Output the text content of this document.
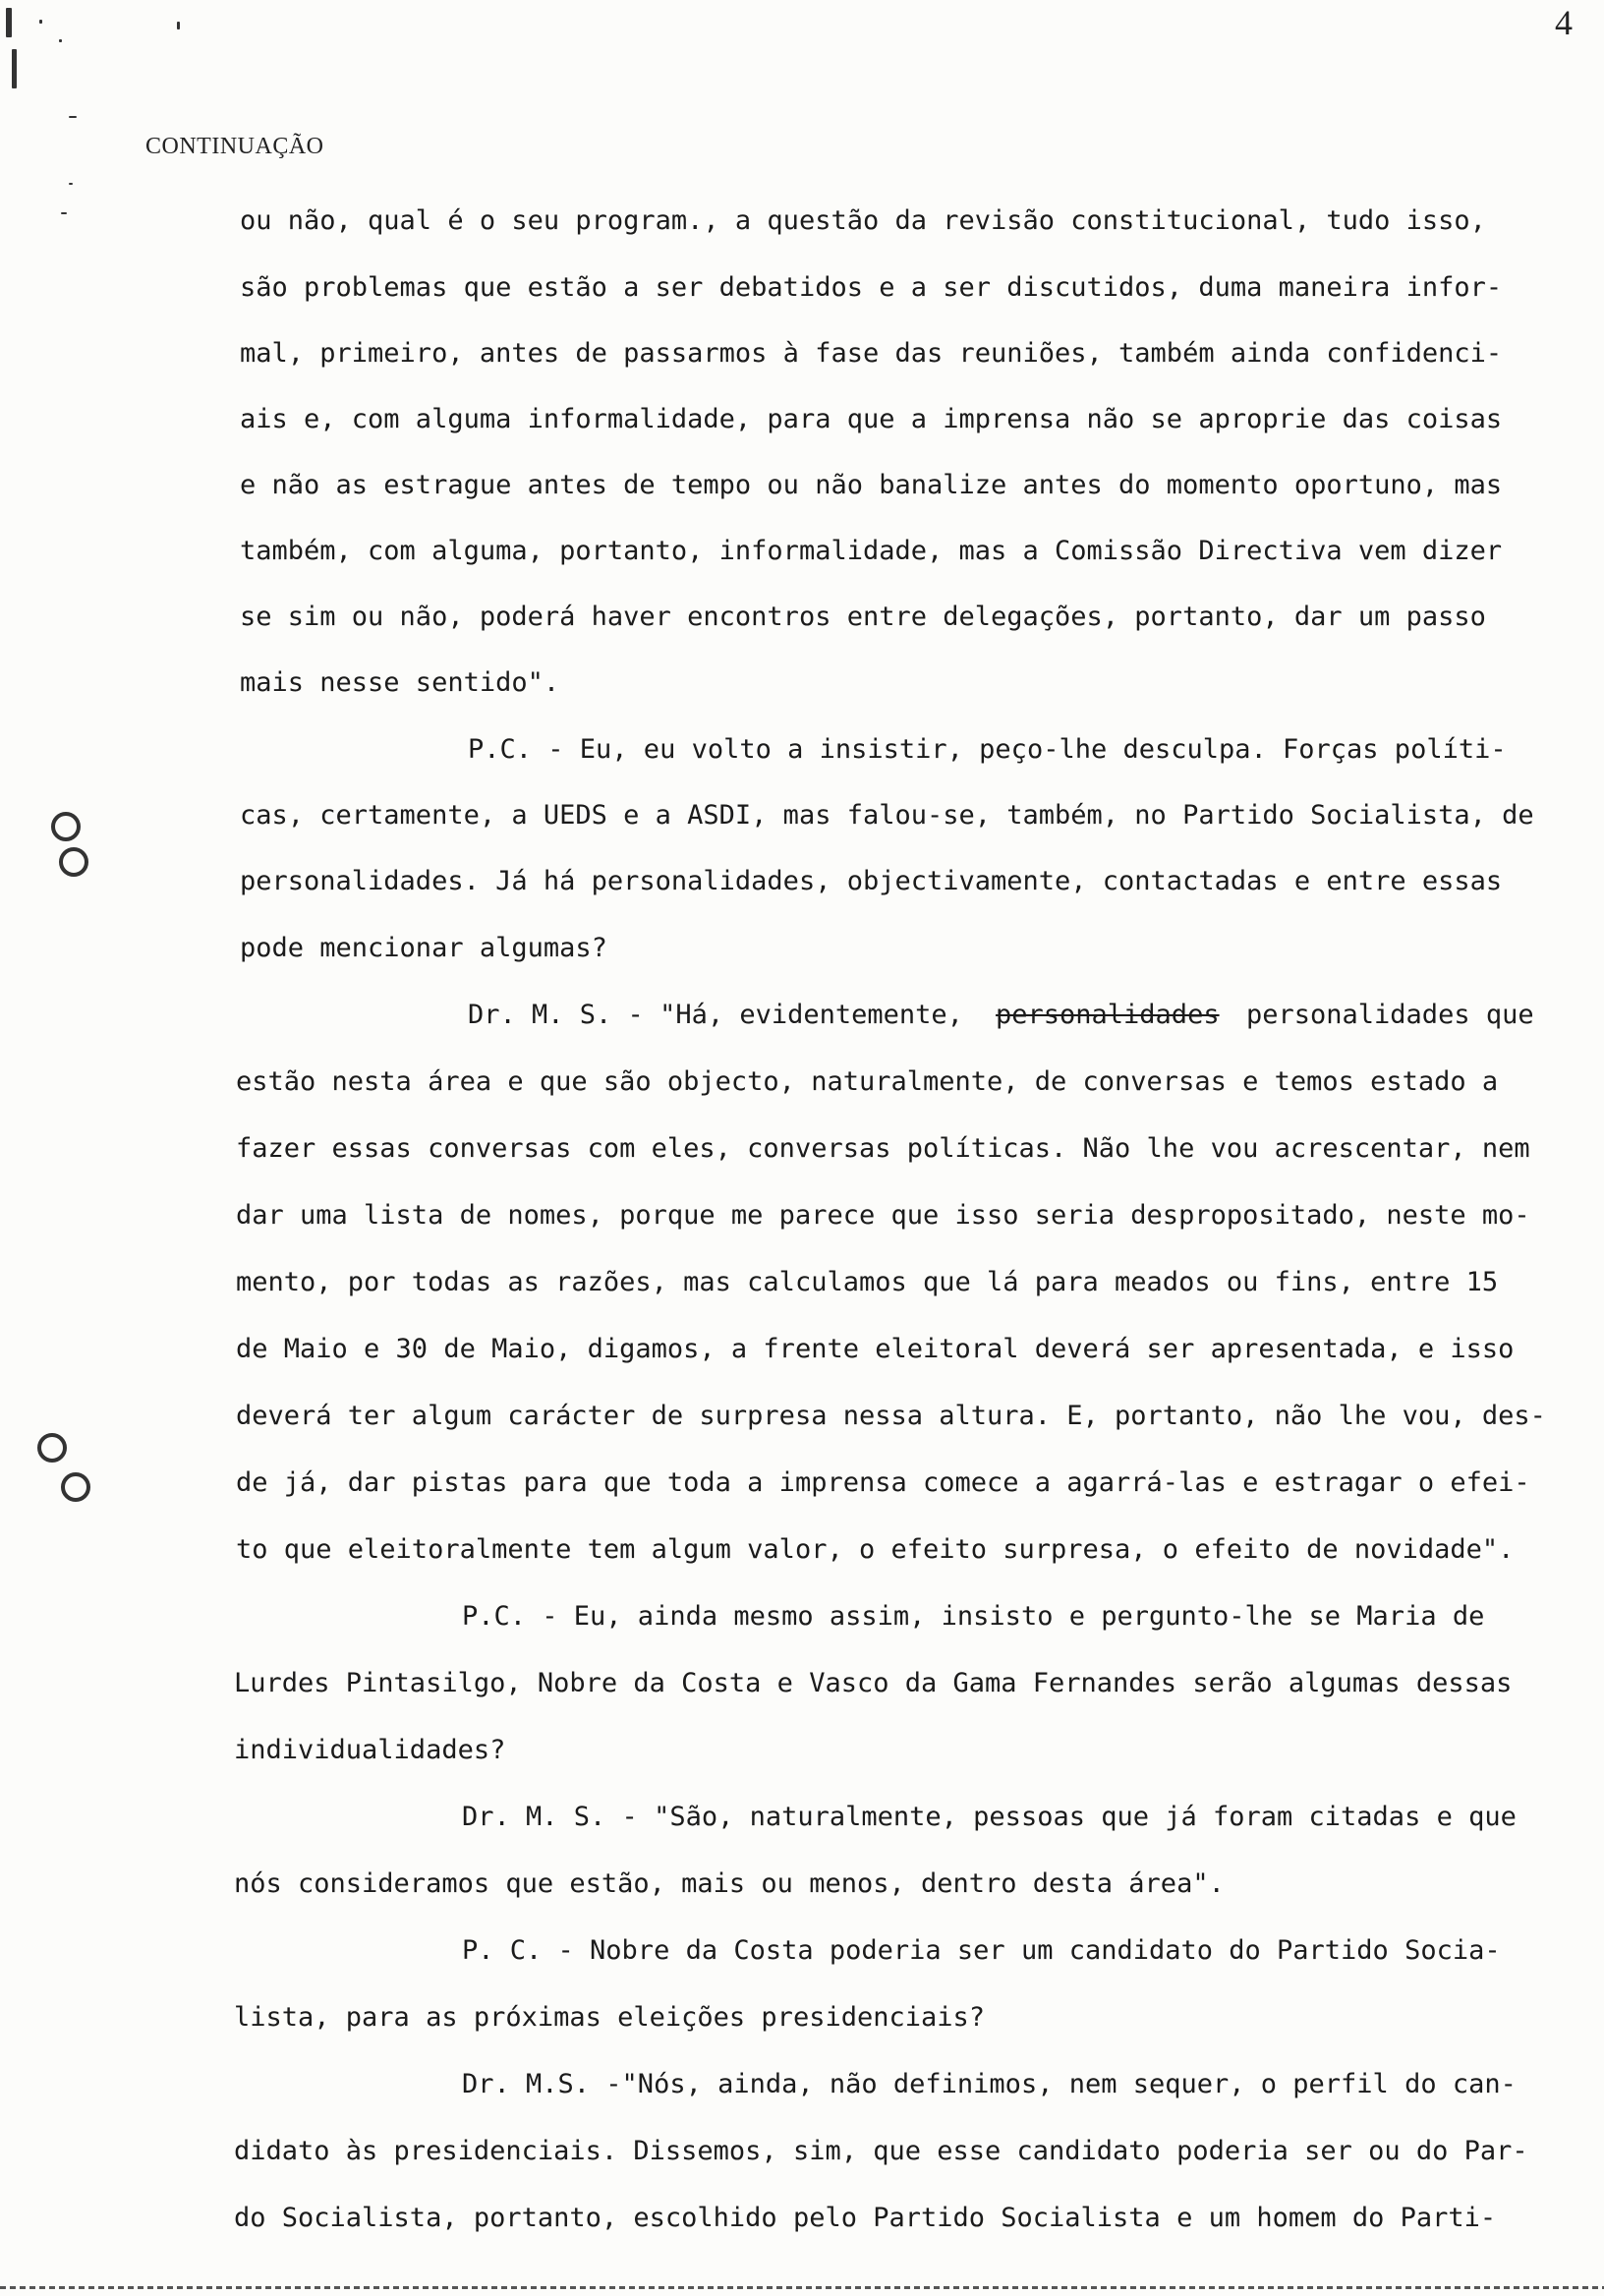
4
CONTINUAÇÃO
ou não, qual é o seu program., a questão da revisão constitucional, tudo isso,
são problemas que estão a ser debatidos e a ser discutidos, duma maneira infor-
mal, primeiro, antes de passarmos à fase das reuniões, também ainda confidenci-
ais e, com alguma informalidade, para que a imprensa não se aproprie das coisas
e não as estrague antes de tempo ou não banalize antes do momento oportuno, mas
também, com alguma, portanto, informalidade, mas a Comissão Directiva vem dizer
se sim ou não, poderá haver encontros entre delegações, portanto, dar um passo
mais nesse sentido".
P.C. - Eu, eu volto a insistir, peço-lhe desculpa. Forças políti-
cas, certamente, a UEDS e a ASDI, mas falou-se, também, no Partido Socialista, de
personalidades. Já há personalidades, objectivamente, contactadas e entre essas
pode mencionar algumas?
Dr. M. S. - "Há, evidentemente, personalidades personalidades que
estão nesta área e que são objecto, naturalmente, de conversas e temos estado a
fazer essas conversas com eles, conversas políticas. Não lhe vou acrescentar, nem
dar uma lista de nomes, porque me parece que isso seria despropositado, neste mo-
mento, por todas as razões, mas calculamos que lá para meados ou fins, entre 15
de Maio e 30 de Maio, digamos, a frente eleitoral deverá ser apresentada, e isso
deverá ter algum carácter de surpresa nessa altura. E, portanto, não lhe vou, des-
de já, dar pistas para que toda a imprensa comece a agarrá-las e estragar o efei-
to que eleitoralmente tem algum valor, o efeito surpresa, o efeito de novidade".
P.C. - Eu, ainda mesmo assim, insisto e pergunto-lhe se Maria de
Lurdes Pintasilgo, Nobre da Costa e Vasco da Gama Fernandes serão algumas dessas
individualidades?
Dr. M. S. - "São, naturalmente, pessoas que já foram citadas e que
nós consideramos que estão, mais ou menos, dentro desta área".
P. C. - Nobre da Costa poderia ser um candidato do Partido Socia-
lista, para as próximas eleições presidenciais?
Dr. M.S. -"Nós, ainda, não definimos, nem sequer, o perfil do can-
didato às presidenciais. Dissemos, sim, que esse candidato poderia ser ou do Par-
do Socialista, portanto, escolhido pelo Partido Socialista e um homem do Parti-
